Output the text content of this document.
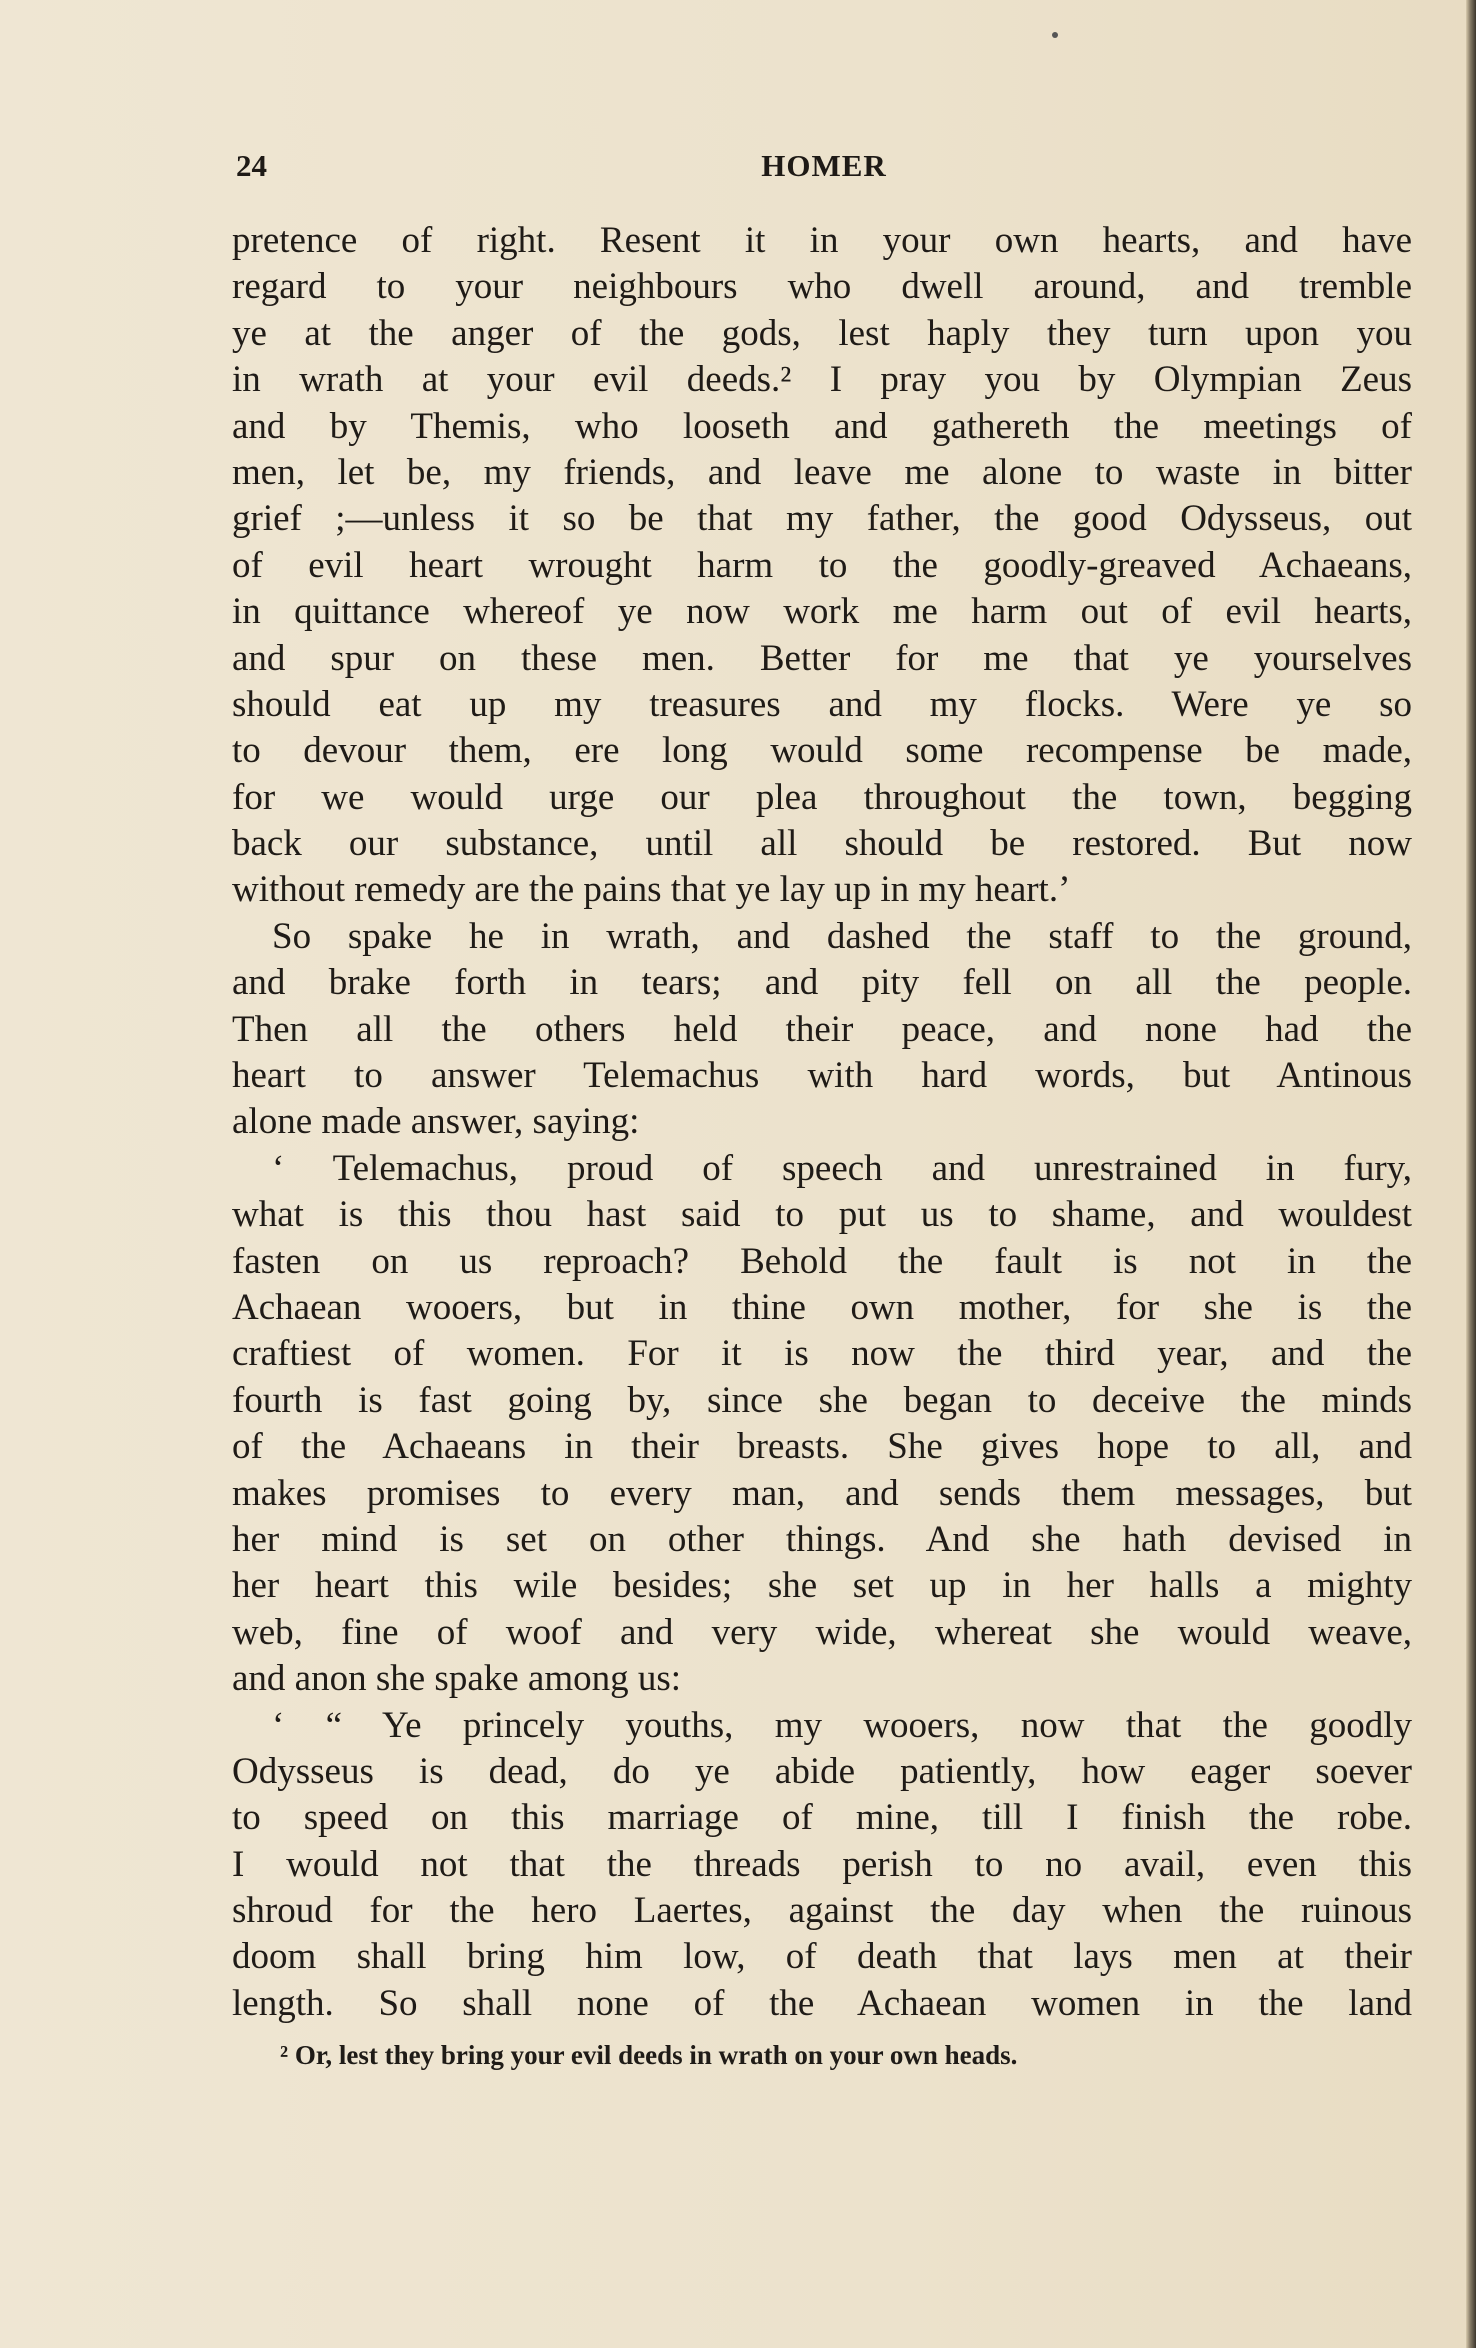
24	HOMER
pretence of right. Resent it in your own hearts, and have
regard to your neighbours who dwell around, and tremble
ye at the anger of the gods, lest haply they turn upon you
in wrath at your evil deeds.² I pray you by Olympian Zeus
and by Themis, who looseth and gathereth the meetings of
men, let be, my friends, and leave me alone to waste in bitter
grief ;—unless it so be that my father, the good Odysseus, out
of evil heart wrought harm to the goodly-greaved Achaeans,
in quittance whereof ye now work me harm out of evil hearts,
and spur on these men. Better for me that ye yourselves
should eat up my treasures and my flocks. Were ye so
to devour them, ere long would some recompense be made,
for we would urge our plea throughout the town, begging
back our substance, until all should be restored. But now
without remedy are the pains that ye lay up in my heart.’
So spake he in wrath, and dashed the staff to the ground,
and brake forth in tears; and pity fell on all the people.
Then all the others held their peace, and none had the
heart to answer Telemachus with hard words, but Antinous
alone made answer, saying:
‘ Telemachus, proud of speech and unrestrained in fury,
what is this thou hast said to put us to shame, and wouldest
fasten on us reproach? Behold the fault is not in the
Achaean wooers, but in thine own mother, for she is the
craftiest of women. For it is now the third year, and the
fourth is fast going by, since she began to deceive the minds
of the Achaeans in their breasts. She gives hope to all, and
makes promises to every man, and sends them messages, but
her mind is set on other things. And she hath devised in
her heart this wile besides; she set up in her halls a mighty
web, fine of woof and very wide, whereat she would weave,
and anon she spake among us:
‘ “ Ye princely youths, my wooers, now that the goodly
Odysseus is dead, do ye abide patiently, how eager soever
to speed on this marriage of mine, till I finish the robe.
I would not that the threads perish to no avail, even this
shroud for the hero Laertes, against the day when the ruinous
doom shall bring him low, of death that lays men at their
length. So shall none of the Achaean women in the land
² Or, lest they bring your evil deeds in wrath on your own heads.
